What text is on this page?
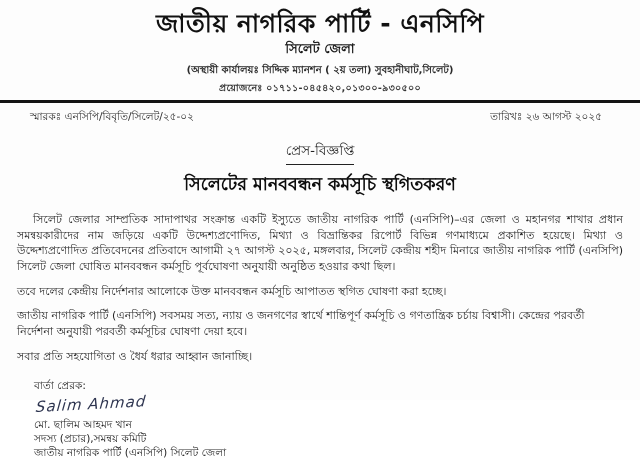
জাতীয় নাগরিক পার্টি - এনসিপি
সিলেট জেলা
(অস্থায়ী কার্যালয়ঃ সিদ্দিক ম্যানশন ( ২য় তলা) সুবহানীঘাট,সিলেট)
প্রয়োজনেঃ ০১৭১১-০৪৫৪২০,০১৩০০-৯৩০৫০০
স্মারকঃ এনসিপি/বিবৃতি/সিলেট/২৫-০২	তারিখঃ ২৬ আগস্ট ২০২৫
প্রেস-বিজ্ঞপ্তি
সিলেটের মানববন্ধন কর্মসূচি স্থগিতকরণ

সিলেট জেলার সাম্প্রতিক সাদাপাথর সংক্রান্ত একটি ইস্যুতে জাতীয় নাগরিক পার্টি (এনসিপি)–এর জেলা ও মহানগর শাখার প্রধান সমন্বয়কারীদের নাম জড়িয়ে একটি উদ্দেশ্যপ্রণোদিত, মিথ্যা ও বিভ্রান্তিকর রিপোর্ট বিভিন্ন গণমাধ্যমে প্রকাশিত হয়েছে। মিথ্যা ও উদ্দেশ্যপ্রণোদিত প্রতিবেদনের প্রতিবাদে আগামী ২৭ আগস্ট ২০২৫, মঙ্গলবার, সিলেট কেন্দ্রীয় শহীদ মিনারে জাতীয় নাগরিক পার্টি (এনসিপি) সিলেট জেলা ঘোষিত মানববন্ধন কর্মসূচি পূর্বঘোষণা অনুযায়ী অনুষ্ঠিত হওয়ার কথা ছিল।

তবে দলের কেন্দ্রীয় নির্দেশনার আলোকে উক্ত মানববন্ধন কর্মসূচি আপাতত স্থগিত ঘোষণা করা হচ্ছে।

জাতীয় নাগরিক পার্টি (এনসিপি) সবসময় সত্য, ন্যায় ও জনগণের স্বার্থে শান্তিপূর্ণ কর্মসূচি ও গণতান্ত্রিক চর্চায় বিশ্বাসী। কেন্দ্রের পরবর্তী নির্দেশনা অনুযায়ী পরবর্তী কর্মসূচির ঘোষণা দেয়া হবে।

সবার প্রতি সহযোগিতা ও ধৈর্য ধরার আহ্বান জানাচ্ছি।

বার্তা প্রেরক:
Salim Ahmad
মো. ছালিম আহমদ খান
সদস্য (প্রচার),সমন্বয় কমিটি
জাতীয় নাগরিক পার্টি (এনসিপি) সিলেট জেলা
